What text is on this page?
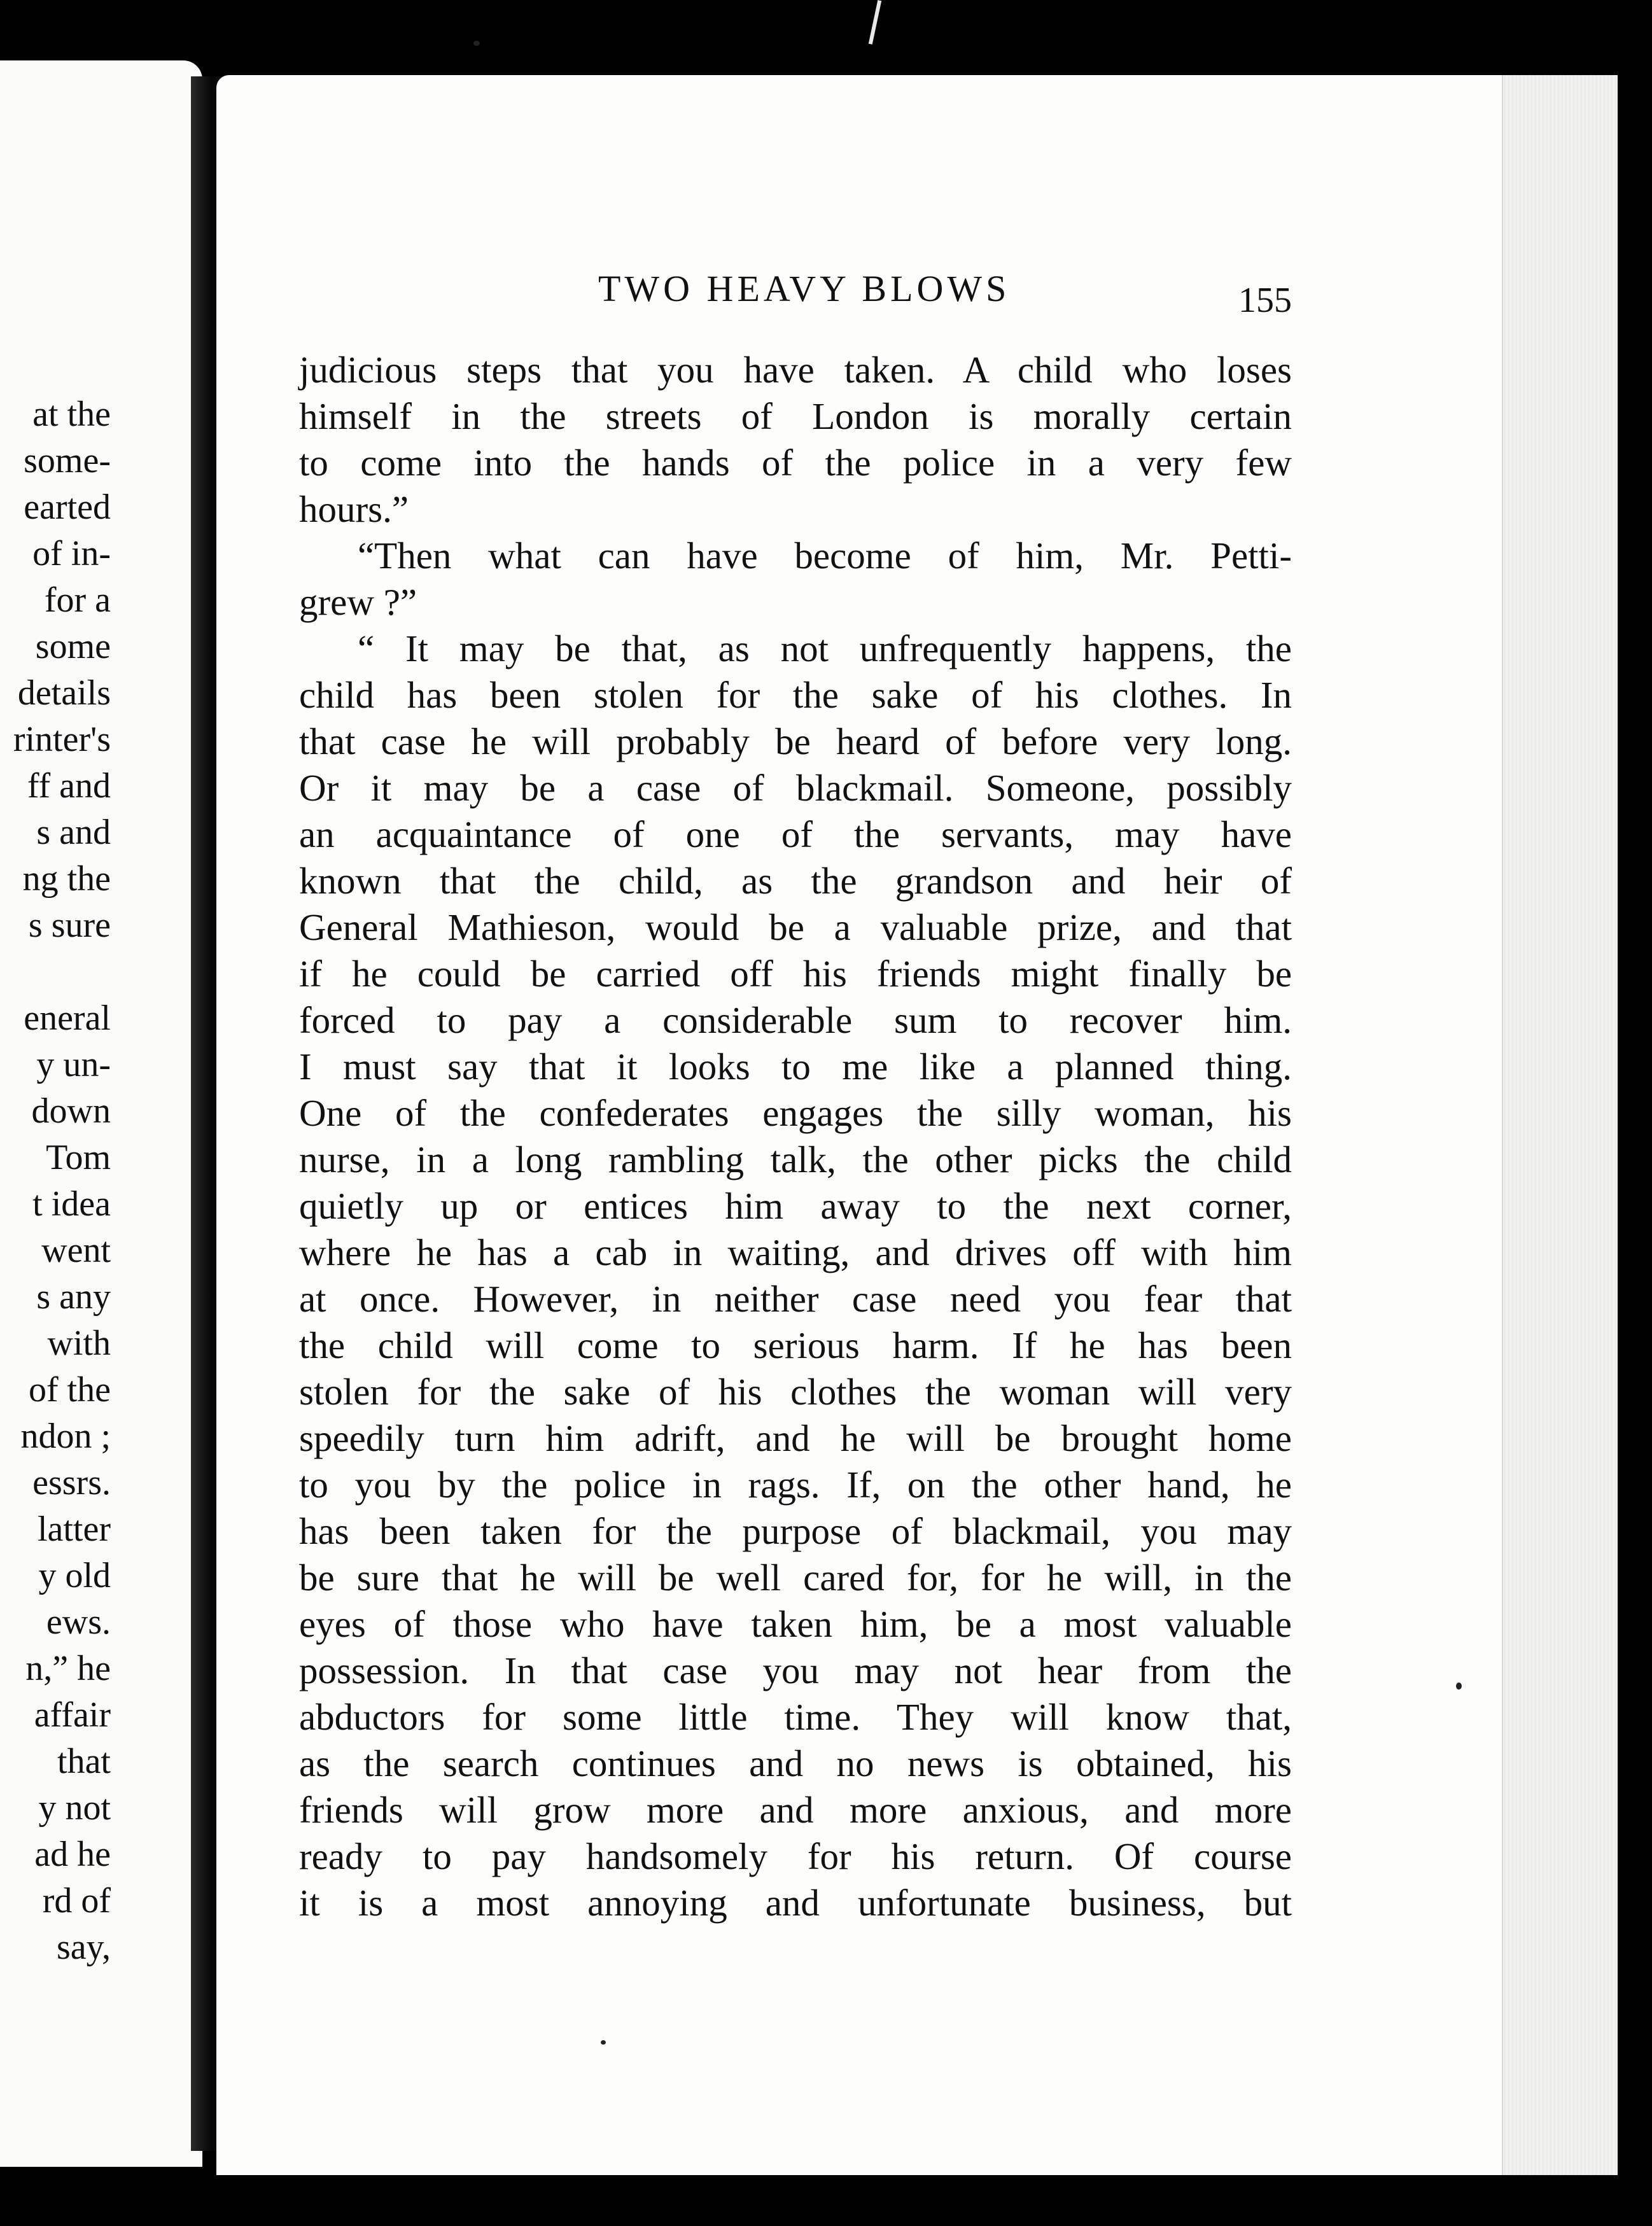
at the
some-
earted
of in-
for a
some
details
rinter's
ff and
s and
ng the
s sure
eneral
y un-
down
Tom
t idea
went
s any
with
of the
ndon ;
essrs.
latter
y old
ews.
n,” he
affair
that
y not
ad he
rd of
say,
TWO HEAVY BLOWS	155
judicious steps that you have taken. A child who loses
himself in the streets of London is morally certain
to come into the hands of the police in a very few
hours.”
“Then what can have become of him, Mr. Petti-
grew ?”
“ It may be that, as not unfrequently happens, the
child has been stolen for the sake of his clothes. In
that case he will probably be heard of before very long.
Or it may be a case of blackmail. Someone, possibly
an acquaintance of one of the servants, may have
known that the child, as the grandson and heir of
General Mathieson, would be a valuable prize, and that
if he could be carried off his friends might finally be
forced to pay a considerable sum to recover him.
I must say that it looks to me like a planned thing.
One of the confederates engages the silly woman, his
nurse, in a long rambling talk, the other picks the child
quietly up or entices him away to the next corner,
where he has a cab in waiting, and drives off with him
at once. However, in neither case need you fear that
the child will come to serious harm. If he has been
stolen for the sake of his clothes the woman will very
speedily turn him adrift, and he will be brought home
to you by the police in rags. If, on the other hand, he
has been taken for the purpose of blackmail, you may
be sure that he will be well cared for, for he will, in the
eyes of those who have taken him, be a most valuable
possession. In that case you may not hear from the
abductors for some little time. They will know that,
as the search continues and no news is obtained, his
friends will grow more and more anxious, and more
ready to pay handsomely for his return. Of course
it is a most annoying and unfortunate business, but
